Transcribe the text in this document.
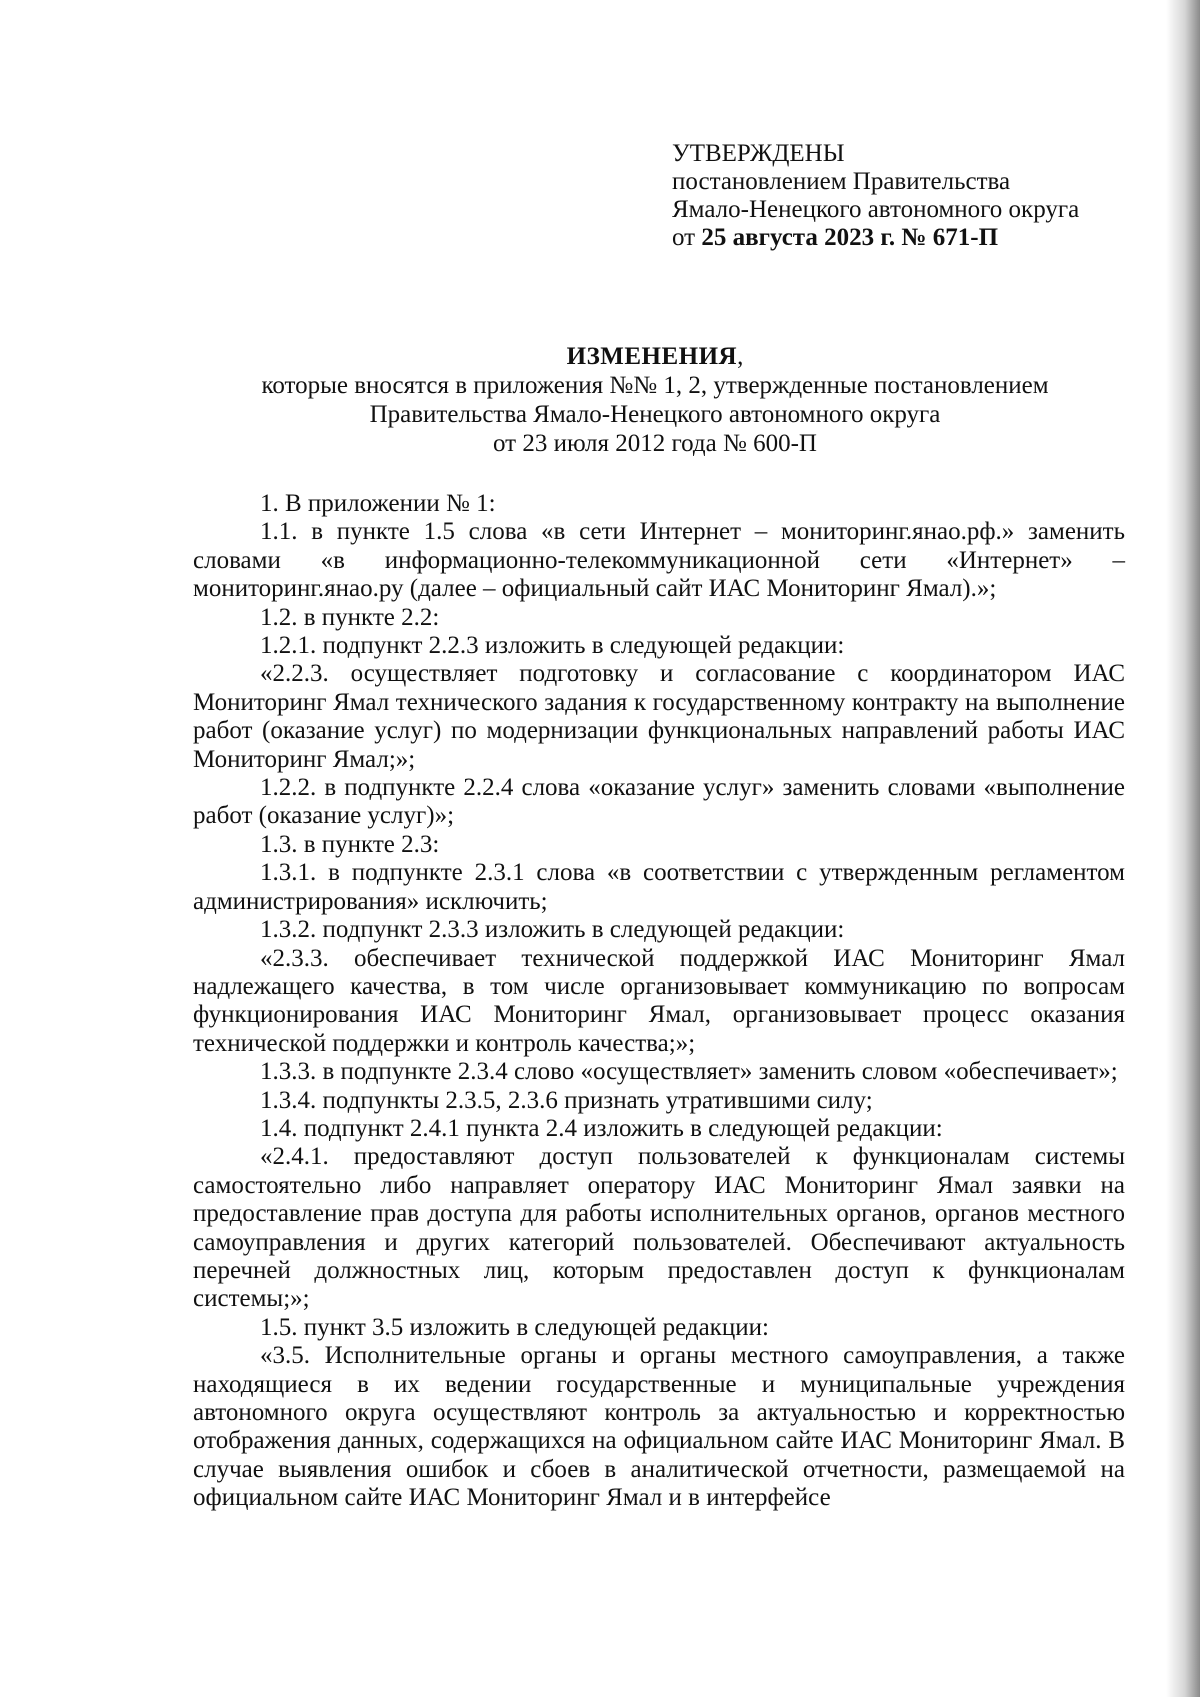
УТВЕРЖДЕНЫ

постановлением Правительства

Ямало-Ненецкого автономного округа

от 25 августа 2023 г. № 671-П

ИЗМЕНЕНИЯ,

которые вносятся в приложения №№ 1, 2, утвержденные постановлением

Правительства Ямало-Ненецкого автономного округа

от 23 июля 2012 года № 600-П

1. В приложении № 1:

1.1. в пункте 1.5 слова «в сети Интернет – мониторинг.янао.рф.» заменить словами «в информационно-телекоммуникационной сети «Интернет» – мониторинг.янао.ру (далее – официальный сайт ИАС Мониторинг Ямал).»;

1.2. в пункте 2.2:

1.2.1. подпункт 2.2.3 изложить в следующей редакции:

«2.2.3. осуществляет подготовку и согласование с координатором ИАС Мониторинг Ямал технического задания к государственному контракту на выполнение работ (оказание услуг) по модернизации функциональных направлений работы ИАС Мониторинг Ямал;»;

1.2.2. в подпункте 2.2.4 слова «оказание услуг» заменить словами «выполнение работ (оказание услуг)»;

1.3. в пункте 2.3:

1.3.1. в подпункте 2.3.1 слова «в соответствии с утвержденным регламентом администрирования» исключить;

1.3.2. подпункт 2.3.3 изложить в следующей редакции:

«2.3.3. обеспечивает технической поддержкой ИАС Мониторинг Ямал надлежащего качества, в том числе организовывает коммуникацию по вопросам функционирования ИАС Мониторинг Ямал, организовывает процесс оказания технической поддержки и контроль качества;»;

1.3.3. в подпункте 2.3.4 слово «осуществляет» заменить словом «обеспечивает»;

1.3.4. подпункты 2.3.5, 2.3.6 признать утратившими силу;

1.4. подпункт 2.4.1 пункта 2.4 изложить в следующей редакции:

«2.4.1. предоставляют доступ пользователей к функционалам системы самостоятельно либо направляет оператору ИАС Мониторинг Ямал заявки на предоставление прав доступа для работы исполнительных органов, органов местного самоуправления и других категорий пользователей. Обеспечивают актуальность перечней должностных лиц, которым предоставлен доступ к функционалам системы;»;

1.5. пункт 3.5 изложить в следующей редакции:

«3.5. Исполнительные органы и органы местного самоуправления, а также находящиеся в их ведении государственные и муниципальные учреждения автономного округа осуществляют контроль за актуальностью и корректностью отображения данных, содержащихся на официальном сайте ИАС Мониторинг Ямал. В случае выявления ошибок и сбоев в аналитической отчетности, размещаемой на официальном сайте ИАС Мониторинг Ямал и в интерфейсе
